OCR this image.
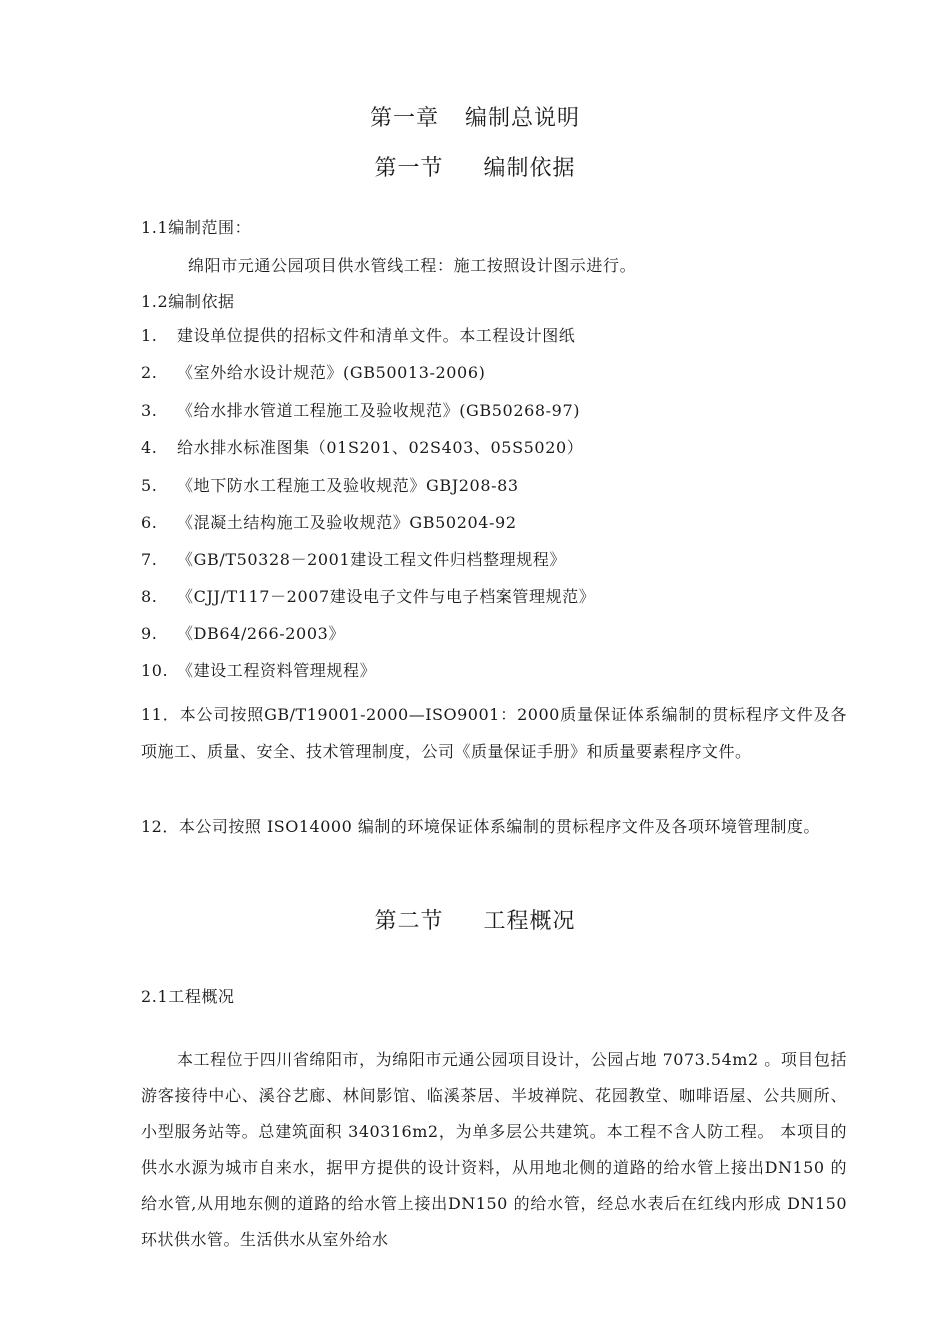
第一章 编制总说明
第一节 编制依据
1.1编制范围：
绵阳市元通公园项目供水管线工程：施工按照设计图示进行。
1.2编制依据
1. 建设单位提供的招标文件和清单文件。本工程设计图纸
2. 《室外给水设计规范》(GB50013-2006)
3. 《给水排水管道工程施工及验收规范》(GB50268-97)
4. 给水排水标准图集（01S201、02S403、05S5020）
5. 《地下防水工程施工及验收规范》GBJ208-83
6. 《混凝土结构施工及验收规范》GB50204-92
7. 《GB/T50328－2001建设工程文件归档整理规程》
8. 《CJJ/T117－2007建设电子文件与电子档案管理规范》
9. 《DB64/266-2003》
10. 《建设工程资料管理规程》
11．本公司按照GB/T19001-2000—ISO9001：2000质量保证体系编制的贯标程序文件及各项施工、质量、安全、技术管理制度，公司《质量保证手册》和质量要素程序文件。
12．本公司按照 ISO14000 编制的环境保证体系编制的贯标程序文件及各项环境管理制度。
第二节 工程概况
2.1工程概况
本工程位于四川省绵阳市，为绵阳市元通公园项目设计，公园占地 7073.54m2 。项目包括游客接待中心、溪谷艺廊、林间影馆、临溪茶居、半坡禅院、花园教堂、咖啡语屋、公共厕所、小型服务站等。总建筑面积 340316m2，为单多层公共建筑。本工程不含人防工程。 本项目的供水水源为城市自来水，据甲方提供的设计资料，从用地北侧的道路的给水管上接出DN150 的给水管,从用地东侧的道路的给水管上接出DN150 的给水管，经总水表后在红线内形成 DN150环状供水管。生活供水从室外给水
